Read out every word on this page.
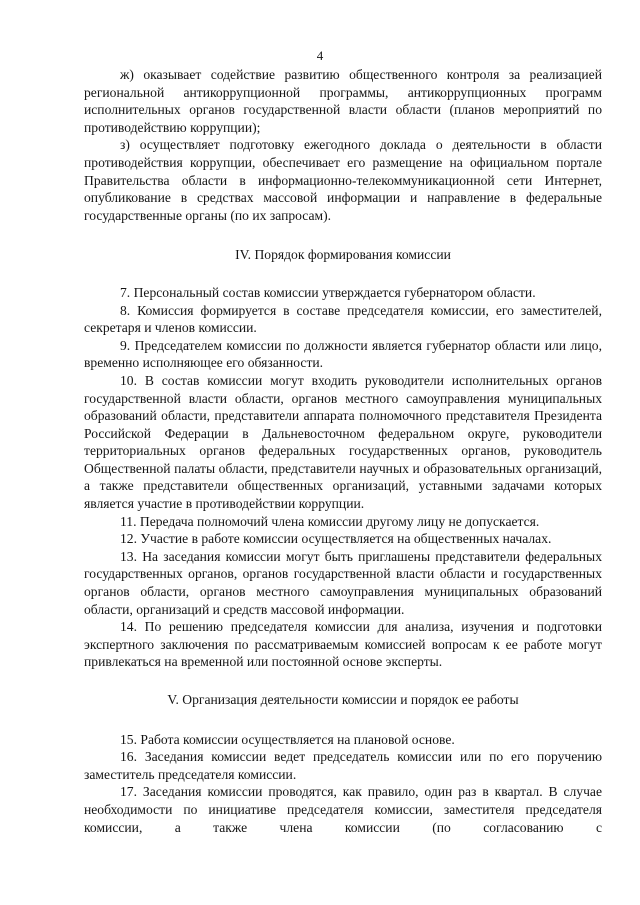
4

ж) оказывает содействие развитию общественного контроля за реализацией региональной антикоррупционной программы, антикоррупционных программ исполнительных органов государственной власти области (планов мероприятий по противодействию коррупции);

з) осуществляет подготовку ежегодного доклада о деятельности в области противодействия коррупции, обеспечивает его размещение на официальном портале Правительства области в информационно-телекоммуникационной сети Интернет, опубликование в средствах массовой информации и направление в федеральные государственные органы (по их запросам).

IV. Порядок формирования комиссии

7. Персональный состав комиссии утверждается губернатором области.

8. Комиссия формируется в составе председателя комиссии, его заместителей, секретаря и членов комиссии.

9. Председателем комиссии по должности является губернатор области или лицо, временно исполняющее его обязанности.

10. В состав комиссии могут входить руководители исполнительных органов государственной власти области, органов местного самоуправления муниципальных образований области, представители аппарата полномочного представителя Президента Российской Федерации в Дальневосточном федеральном округе, руководители территориальных органов федеральных государственных органов, руководитель Общественной палаты области, представители научных и образовательных организаций, а также представители общественных организаций, уставными задачами которых является участие в противодействии коррупции.

11. Передача полномочий члена комиссии другому лицу не допускается.

12. Участие в работе комиссии осуществляется на общественных началах.

13. На заседания комиссии могут быть приглашены представители федеральных государственных органов, органов государственной власти области и государственных органов области, органов местного самоуправления муниципальных образований области, организаций и средств массовой информации.

14. По решению председателя комиссии для анализа, изучения и подготовки экспертного заключения по рассматриваемым комиссией вопросам к ее работе могут привлекаться на временной или постоянной основе эксперты.

V. Организация деятельности комиссии и порядок ее работы

15. Работа комиссии осуществляется на плановой основе.

16. Заседания комиссии ведет председатель комиссии или по его поручению заместитель председателя комиссии.

17. Заседания комиссии проводятся, как правило, один раз в квартал. В случае необходимости по инициативе председателя комиссии, заместителя председателя комиссии, а также члена комиссии (по согласованию с
